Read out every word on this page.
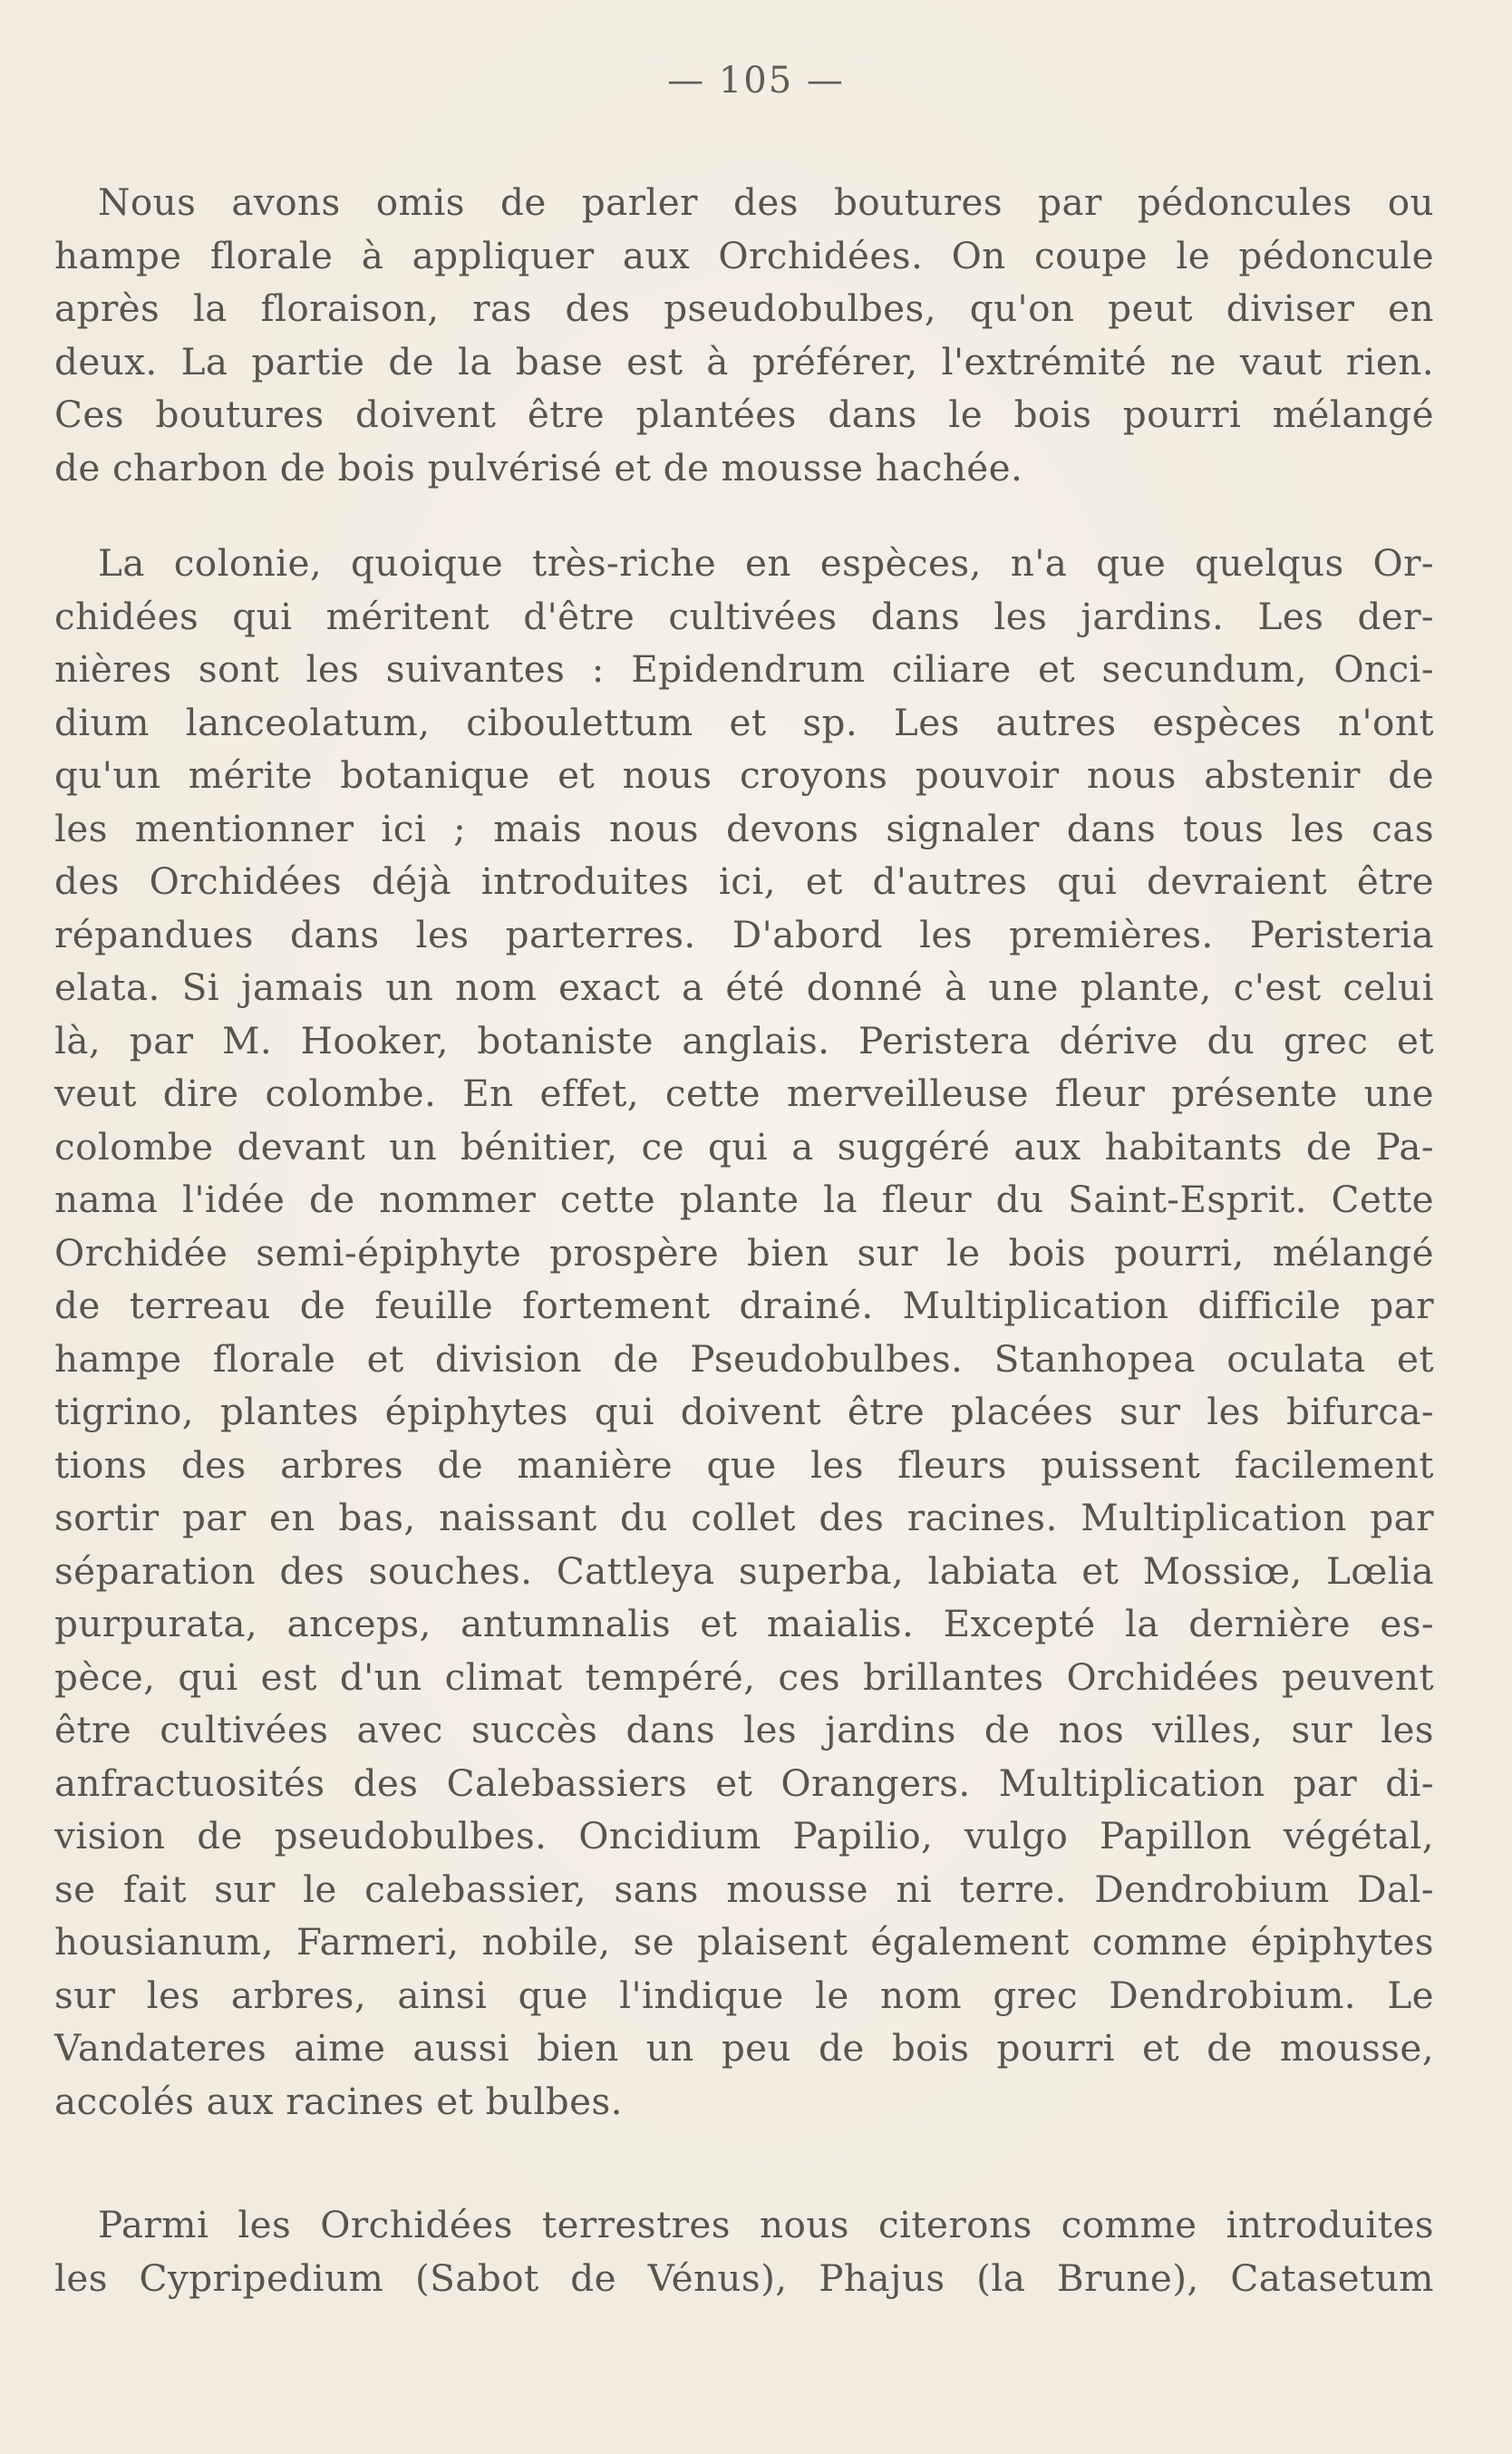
— 105 —
Nous avons omis de parler des boutures par pédoncules ou
hampe florale à appliquer aux Orchidées. On coupe le pédoncule
après la floraison, ras des pseudobulbes, qu'on peut diviser en
deux. La partie de la base est à préférer, l'extrémité ne vaut rien.
Ces boutures doivent être plantées dans le bois pourri mélangé
de charbon de bois pulvérisé et de mousse hachée.
La colonie, quoique très-riche en espèces, n'a que quelqus Or-
chidées qui méritent d'être cultivées dans les jardins. Les der-
nières sont les suivantes : Epidendrum ciliare et secundum, Onci-
dium lanceolatum, ciboulettum et sp. Les autres espèces n'ont
qu'un mérite botanique et nous croyons pouvoir nous abstenir de
les mentionner ici ; mais nous devons signaler dans tous les cas
des Orchidées déjà introduites ici, et d'autres qui devraient être
répandues dans les parterres. D'abord les premières. Peristeria
elata. Si jamais un nom exact a été donné à une plante, c'est celui
là, par M. Hooker, botaniste anglais. Peristera dérive du grec et
veut dire colombe. En effet, cette merveilleuse fleur présente une
colombe devant un bénitier, ce qui a suggéré aux habitants de Pa-
nama l'idée de nommer cette plante la fleur du Saint-Esprit. Cette
Orchidée semi-épiphyte prospère bien sur le bois pourri, mélangé
de terreau de feuille fortement drainé. Multiplication difficile par
hampe florale et division de Pseudobulbes. Stanhopea oculata et
tigrino, plantes épiphytes qui doivent être placées sur les bifurca-
tions des arbres de manière que les fleurs puissent facilement
sortir par en bas, naissant du collet des racines. Multiplication par
séparation des souches. Cattleya superba, labiata et Mossiœ, Lœlia
purpurata, anceps, antumnalis et maialis. Excepté la dernière es-
pèce, qui est d'un climat tempéré, ces brillantes Orchidées peuvent
être cultivées avec succès dans les jardins de nos villes, sur les
anfractuosités des Calebassiers et Orangers. Multiplication par di-
vision de pseudobulbes. Oncidium Papilio, vulgo Papillon végétal,
se fait sur le calebassier, sans mousse ni terre. Dendrobium Dal-
housianum, Farmeri, nobile, se plaisent également comme épiphytes
sur les arbres, ainsi que l'indique le nom grec Dendrobium. Le
Vandateres aime aussi bien un peu de bois pourri et de mousse,
accolés aux racines et bulbes.
Parmi les Orchidées terrestres nous citerons comme introduites
les Cypripedium (Sabot de Vénus), Phajus (la Brune), Catasetum
